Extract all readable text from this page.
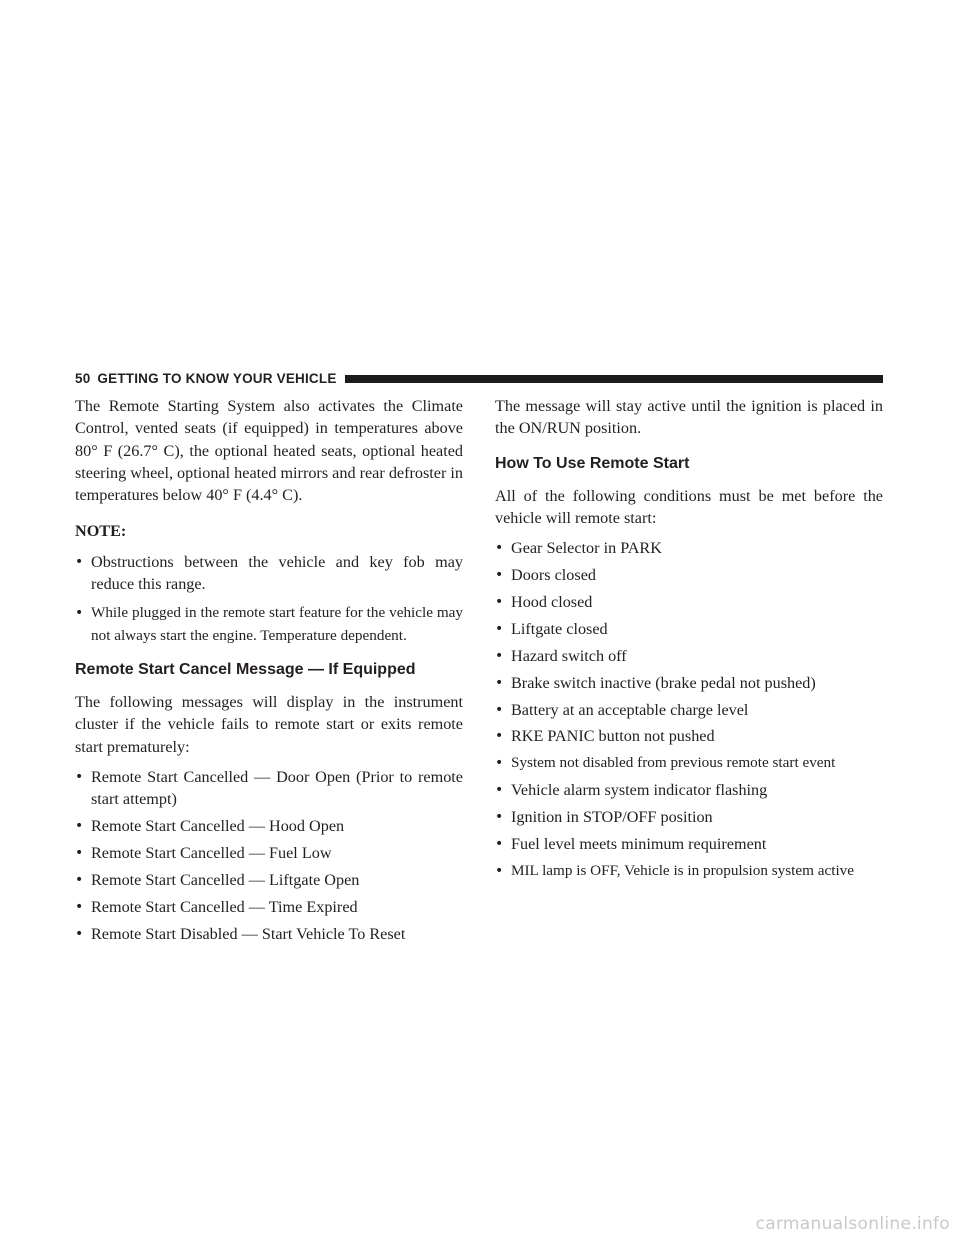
50 GETTING TO KNOW YOUR VEHICLE

The Remote Starting System also activates the Climate Control, vented seats (if equipped) in temperatures above 80° F (26.7° C), the optional heated seats, optional heated steering wheel, optional heated mirrors and rear defroster in temperatures below 40° F (4.4° C).

NOTE:
• Obstructions between the vehicle and key fob may reduce this range.
• While plugged in the remote start feature for the vehicle may not always start the engine. Temperature dependent.
Remote Start Cancel Message — If Equipped

The following messages will display in the instrument cluster if the vehicle fails to remote start or exits remote start prematurely:

• Remote Start Cancelled — Door Open (Prior to remote start attempt)
• Remote Start Cancelled — Hood Open
• Remote Start Cancelled — Fuel Low
• Remote Start Cancelled — Liftgate Open
• Remote Start Cancelled — Time Expired
• Remote Start Disabled — Start Vehicle To Reset

The message will stay active until the ignition is placed in the ON/RUN position.

How To Use Remote Start

All of the following conditions must be met before the vehicle will remote start:

• Gear Selector in PARK
• Doors closed
• Hood closed
• Liftgate closed
• Hazard switch off
• Brake switch inactive (brake pedal not pushed)
• Battery at an acceptable charge level
• RKE PANIC button not pushed
• System not disabled from previous remote start event
• Vehicle alarm system indicator flashing
• Ignition in STOP/OFF position
• Fuel level meets minimum requirement
• MIL lamp is OFF, Vehicle is in propulsion system active
carmanualsonline.info
